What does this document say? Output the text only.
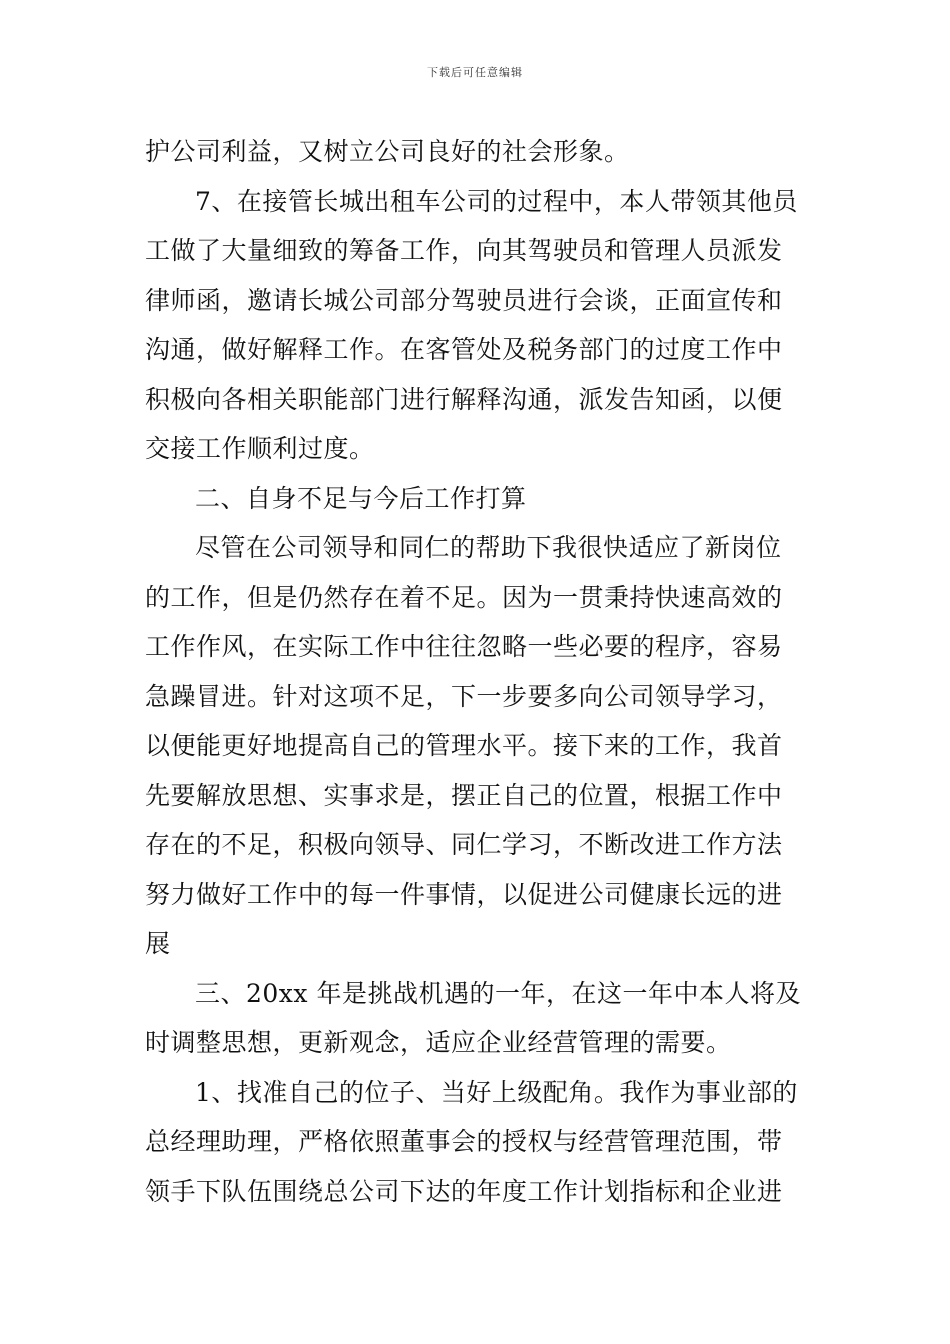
下载后可任意编辑
护公司利益，又树立公司良好的社会形象。
7、在接管长城出租车公司的过程中，本人带领其他员
工做了大量细致的筹备工作，向其驾驶员和管理人员派发
律师函，邀请长城公司部分驾驶员进行会谈，正面宣传和
沟通，做好解释工作。在客管处及税务部门的过度工作中
积极向各相关职能部门进行解释沟通，派发告知函，以便
交接工作顺利过度。
二、自身不足与今后工作打算
尽管在公司领导和同仁的帮助下我很快适应了新岗位
的工作，但是仍然存在着不足。因为一贯秉持快速高效的
工作作风，在实际工作中往往忽略一些必要的程序，容易
急躁冒进。针对这项不足，下一步要多向公司领导学习，
以便能更好地提高自己的管理水平。接下来的工作，我首
先要解放思想、实事求是，摆正自己的位置，根据工作中
存在的不足，积极向领导、同仁学习，不断改进工作方法
努力做好工作中的每一件事情，以促进公司健康长远的进
展
三、20xx 年是挑战机遇的一年，在这一年中本人将及
时调整思想，更新观念，适应企业经营管理的需要。
1、找准自己的位子、当好上级配角。我作为事业部的
总经理助理，严格依照董事会的授权与经营管理范围，带
领手下队伍围绕总公司下达的年度工作计划指标和企业进
